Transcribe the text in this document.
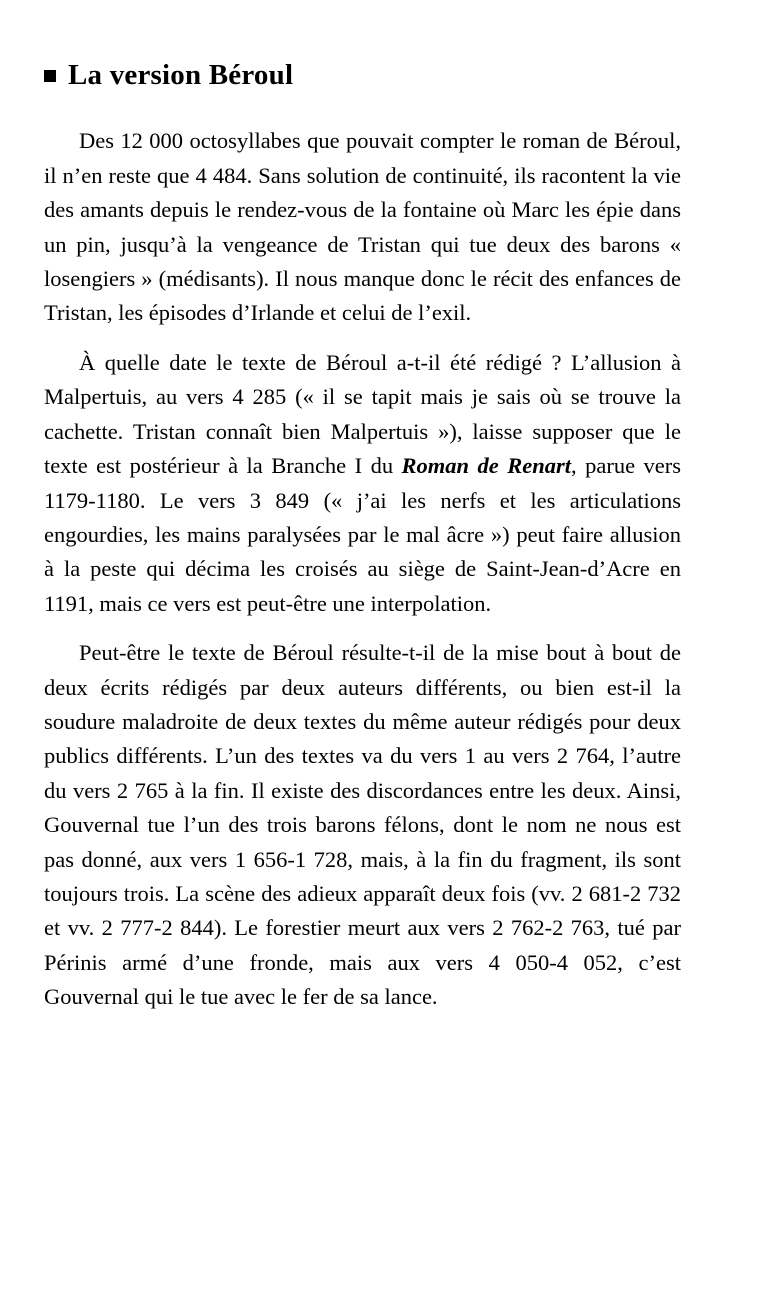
La version Béroul

Des 12 000 octosyllabes que pouvait compter le roman de Béroul, il n’en reste que 4 484. Sans solution de continuité, ils racontent la vie des amants depuis le rendez-vous de la fontaine où Marc les épie dans un pin, jusqu’à la vengeance de Tristan qui tue deux des barons « losengiers » (médisants). Il nous manque donc le récit des enfances de Tristan, les épisodes d’Irlande et celui de l’exil.

À quelle date le texte de Béroul a-t-il été rédigé ? L’allusion à Malpertuis, au vers 4 285 (« il se tapit mais je sais où se trouve la cachette. Tristan connaît bien Malpertuis »), laisse supposer que le texte est postérieur à la Branche I du Roman de Renart, parue vers 1179-1180. Le vers 3 849 (« j’ai les nerfs et les articulations engourdies, les mains paralysées par le mal âcre ») peut faire allusion à la peste qui décima les croisés au siège de Saint-Jean-d’Acre en 1191, mais ce vers est peut-être une interpolation.

Peut-être le texte de Béroul résulte-t-il de la mise bout à bout de deux écrits rédigés par deux auteurs différents, ou bien est-il la soudure maladroite de deux textes du même auteur rédigés pour deux publics différents. L’un des textes va du vers 1 au vers 2 764, l’autre du vers 2 765 à la fin. Il existe des discordances entre les deux. Ainsi, Gouvernal tue l’un des trois barons félons, dont le nom ne nous est pas donné, aux vers 1 656-1 728, mais, à la fin du fragment, ils sont toujours trois. La scène des adieux apparaît deux fois (vv. 2 681-2 732 et vv. 2 777-2 844). Le forestier meurt aux vers 2 762-2 763, tué par Périnis armé d’une fronde, mais aux vers 4 050-4 052, c’est Gouvernal qui le tue avec le fer de sa lance.
